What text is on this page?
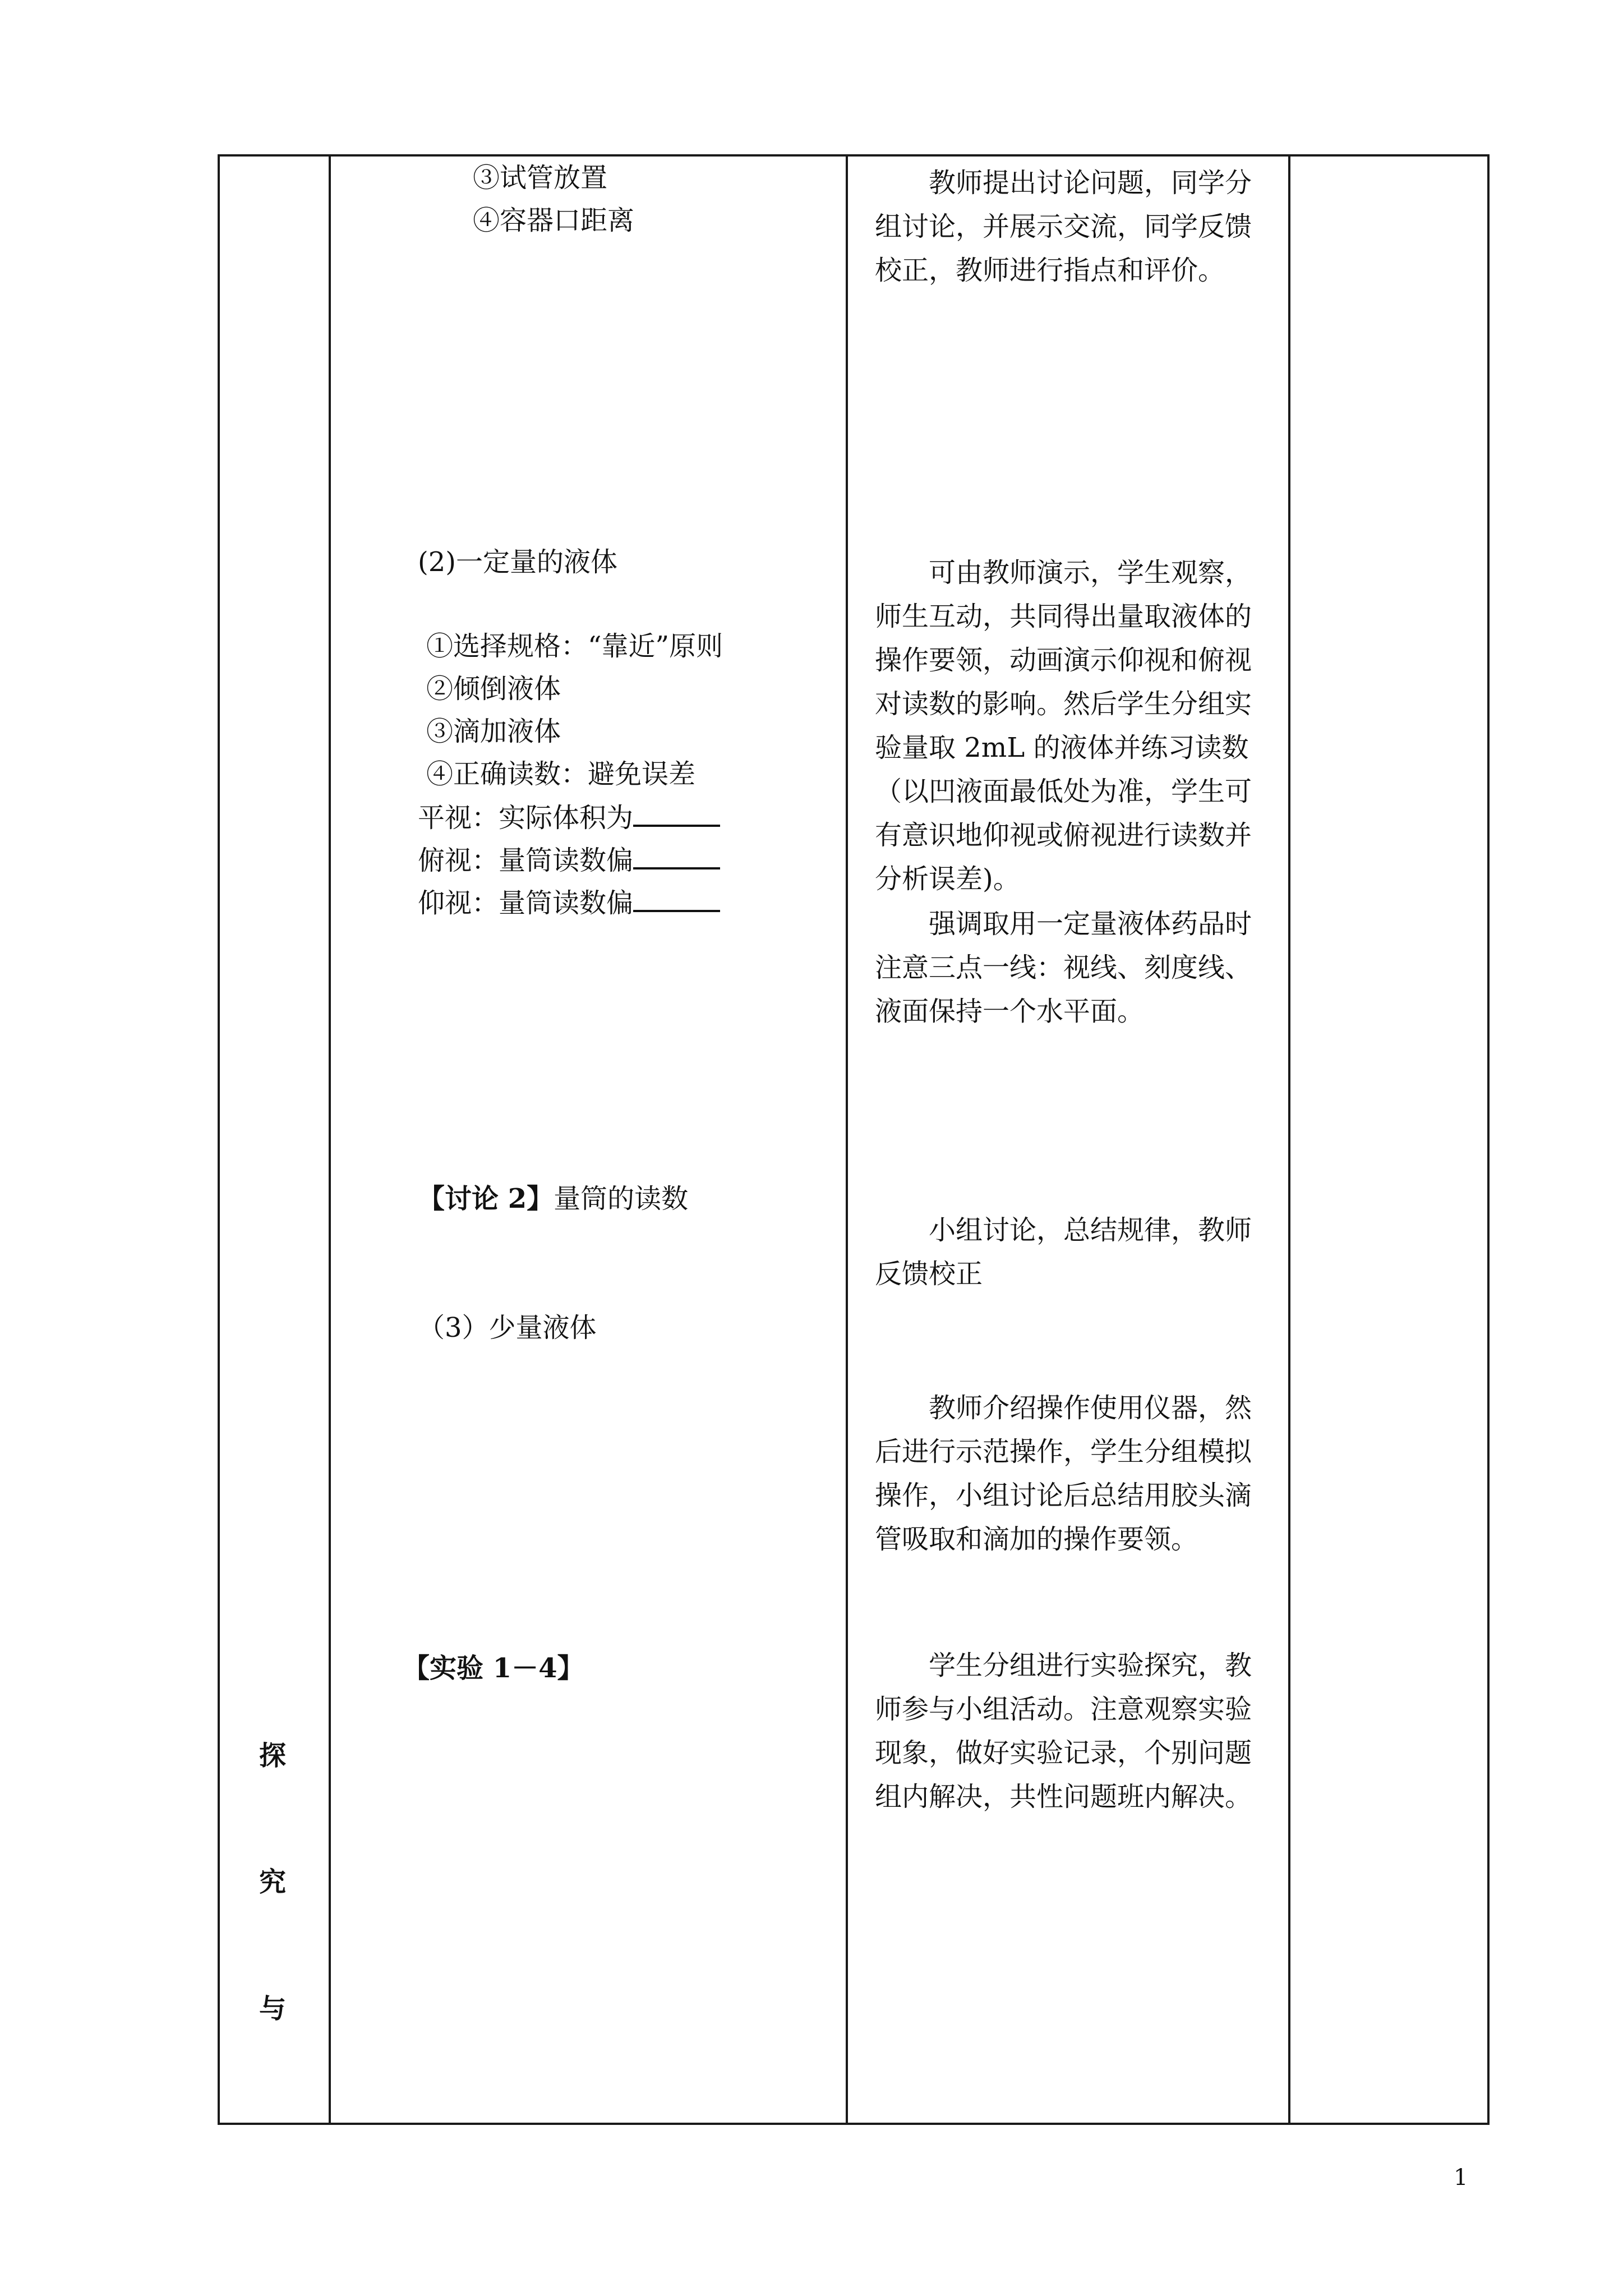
探
究
与
③试管放置
④容器口距离
(2)一定量的液体
①选择规格：“靠近”原则
②倾倒液体
③滴加液体
④正确读数：避免误差
平视：实际体积为
俯视：量筒读数偏
仰视：量筒读数偏
【讨论 2】量筒的读数
（3）少量液体
【实验 1－4】
教师提出讨论问题，同学分组讨论，并展示交流，同学反馈校正，教师进行指点和评价。
可由教师演示，学生观察，师生互动，共同得出量取液体的操作要领，动画演示仰视和俯视对读数的影响。然后学生分组实验量取 2mL 的液体并练习读数（以凹液面最低处为准，学生可有意识地仰视或俯视进行读数并分析误差)。
强调取用一定量液体药品时注意三点一线：视线、刻度线、液面保持一个水平面。
小组讨论，总结规律，教师反馈校正
教师介绍操作使用仪器，然后进行示范操作，学生分组模拟操作，小组讨论后总结用胶头滴管吸取和滴加的操作要领。
学生分组进行实验探究，教师参与小组活动。注意观察实验现象，做好实验记录，个别问题组内解决，共性问题班内解决。
1
